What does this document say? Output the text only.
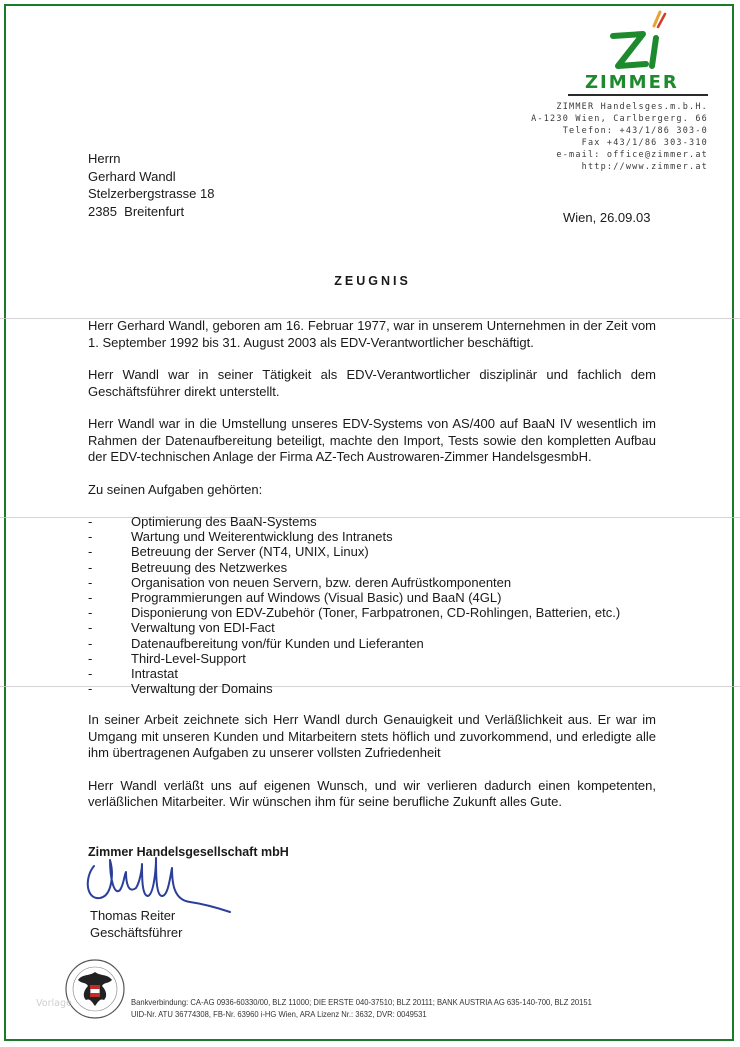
ZIMMER
ZIMMER Handelsges.m.b.H.
A-1230 Wien, Carlbergerg. 66
Telefon: +43/1/86 303-0
Fax +43/1/86 303-310
e-mail: office@zimmer.at
http://www.zimmer.at
Herrn
Gerhard Wandl
Stelzerbergstrasse 18
2385  Breitenfurt	Wien, 26.09.03
ZEUGNIS

Herr Gerhard Wandl, geboren am 16. Februar 1977, war in unserem Unternehmen in der Zeit vom 1. September 1992 bis 31. August 2003 als EDV-Verantwortlicher beschäftigt.

Herr Wandl war in seiner Tätigkeit als EDV-Verantwortlicher disziplinär und fachlich dem Geschäftsführer direkt unterstellt.

Herr Wandl war in die Umstellung unseres EDV-Systems von AS/400 auf BaaN IV wesentlich im Rahmen der Datenaufbereitung beteiligt, machte den Import, Tests sowie den kompletten Aufbau der EDV-technischen Anlage der Firma AZ-Tech Austrowaren-Zimmer HandelsgesmbH.

Zu seinen Aufgaben gehörten:

-	Optimierung des BaaN-Systems
-	Wartung und Weiterentwicklung des Intranets
-	Betreuung der Server (NT4, UNIX, Linux)
-	Betreuung des Netzwerkes
-	Organisation von neuen Servern, bzw. deren Aufrüstkomponenten
-	Programmierungen auf Windows (Visual Basic) und BaaN (4GL)
-	Disponierung von EDV-Zubehör (Toner, Farbpatronen, CD-Rohlingen, Batterien, etc.)
-	Verwaltung von EDI-Fact
-	Datenaufbereitung von/für Kunden und Lieferanten
-	Third-Level-Support
-	Intrastat
-	Verwaltung der Domains

In seiner Arbeit zeichnete sich Herr Wandl durch Genauigkeit und Verläßlichkeit aus. Er war im Umgang mit unseren Kunden und Mitarbeitern stets höflich und zuvorkommend, und erledigte alle ihm übertragenen Aufgaben zu unserer vollsten Zufriedenheit

Herr Wandl verläßt uns auf eigenen Wunsch, und wir verlieren dadurch einen kompetenten, verläßlichen Mitarbeiter. Wir wünschen ihm für seine berufliche Zukunft alles Gute.

Zimmer Handelsgesellschaft mbH
Thomas Reiter
Geschäftsführer
Vorlage	Bankverbindung: CA-AG 0936-60330/00, BLZ 11000; DIE ERSTE 040-37510; BLZ 20111; BANK AUSTRIA AG 635-140-700, BLZ 20151
UID-Nr. ATU 36774308, FB-Nr. 63960 i-HG Wien, ARA Lizenz Nr.: 3632, DVR: 0049531
